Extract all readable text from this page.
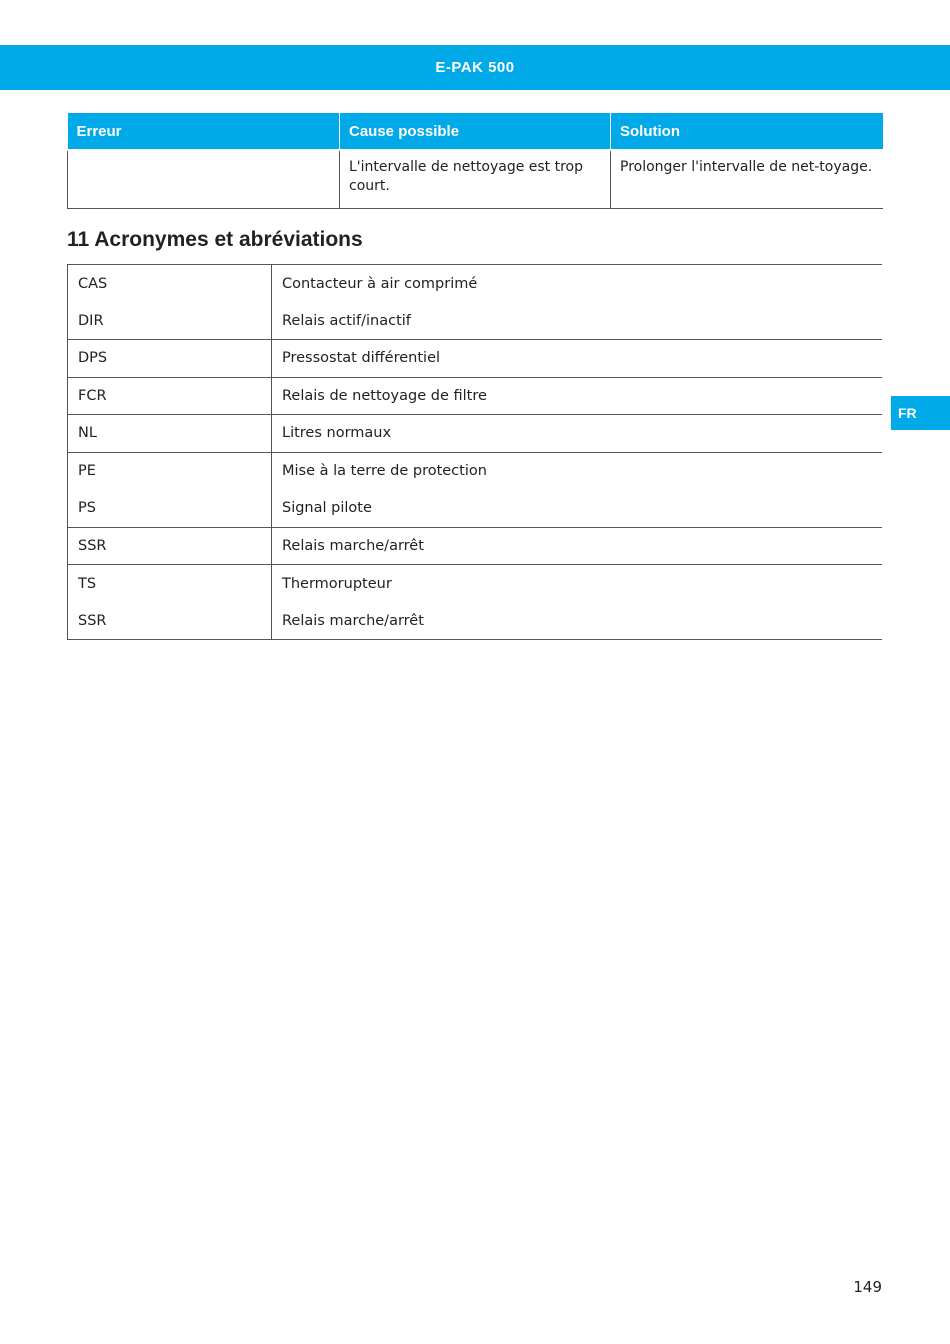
E-PAK 500
FR
Erreur	Cause possible	Solution
	L'intervalle de nettoyage est trop court.	Prolonger l'intervalle de net-toyage.
11 Acronymes et abréviations
CAS	Contacteur à air comprimé
DIR	Relais actif/inactif
DPS	Pressostat différentiel
FCR	Relais de nettoyage de filtre
NL	Litres normaux
PE	Mise à la terre de protection
PS	Signal pilote
SSR	Relais marche/arrêt
TS	Thermorupteur
SSR	Relais marche/arrêt
149
